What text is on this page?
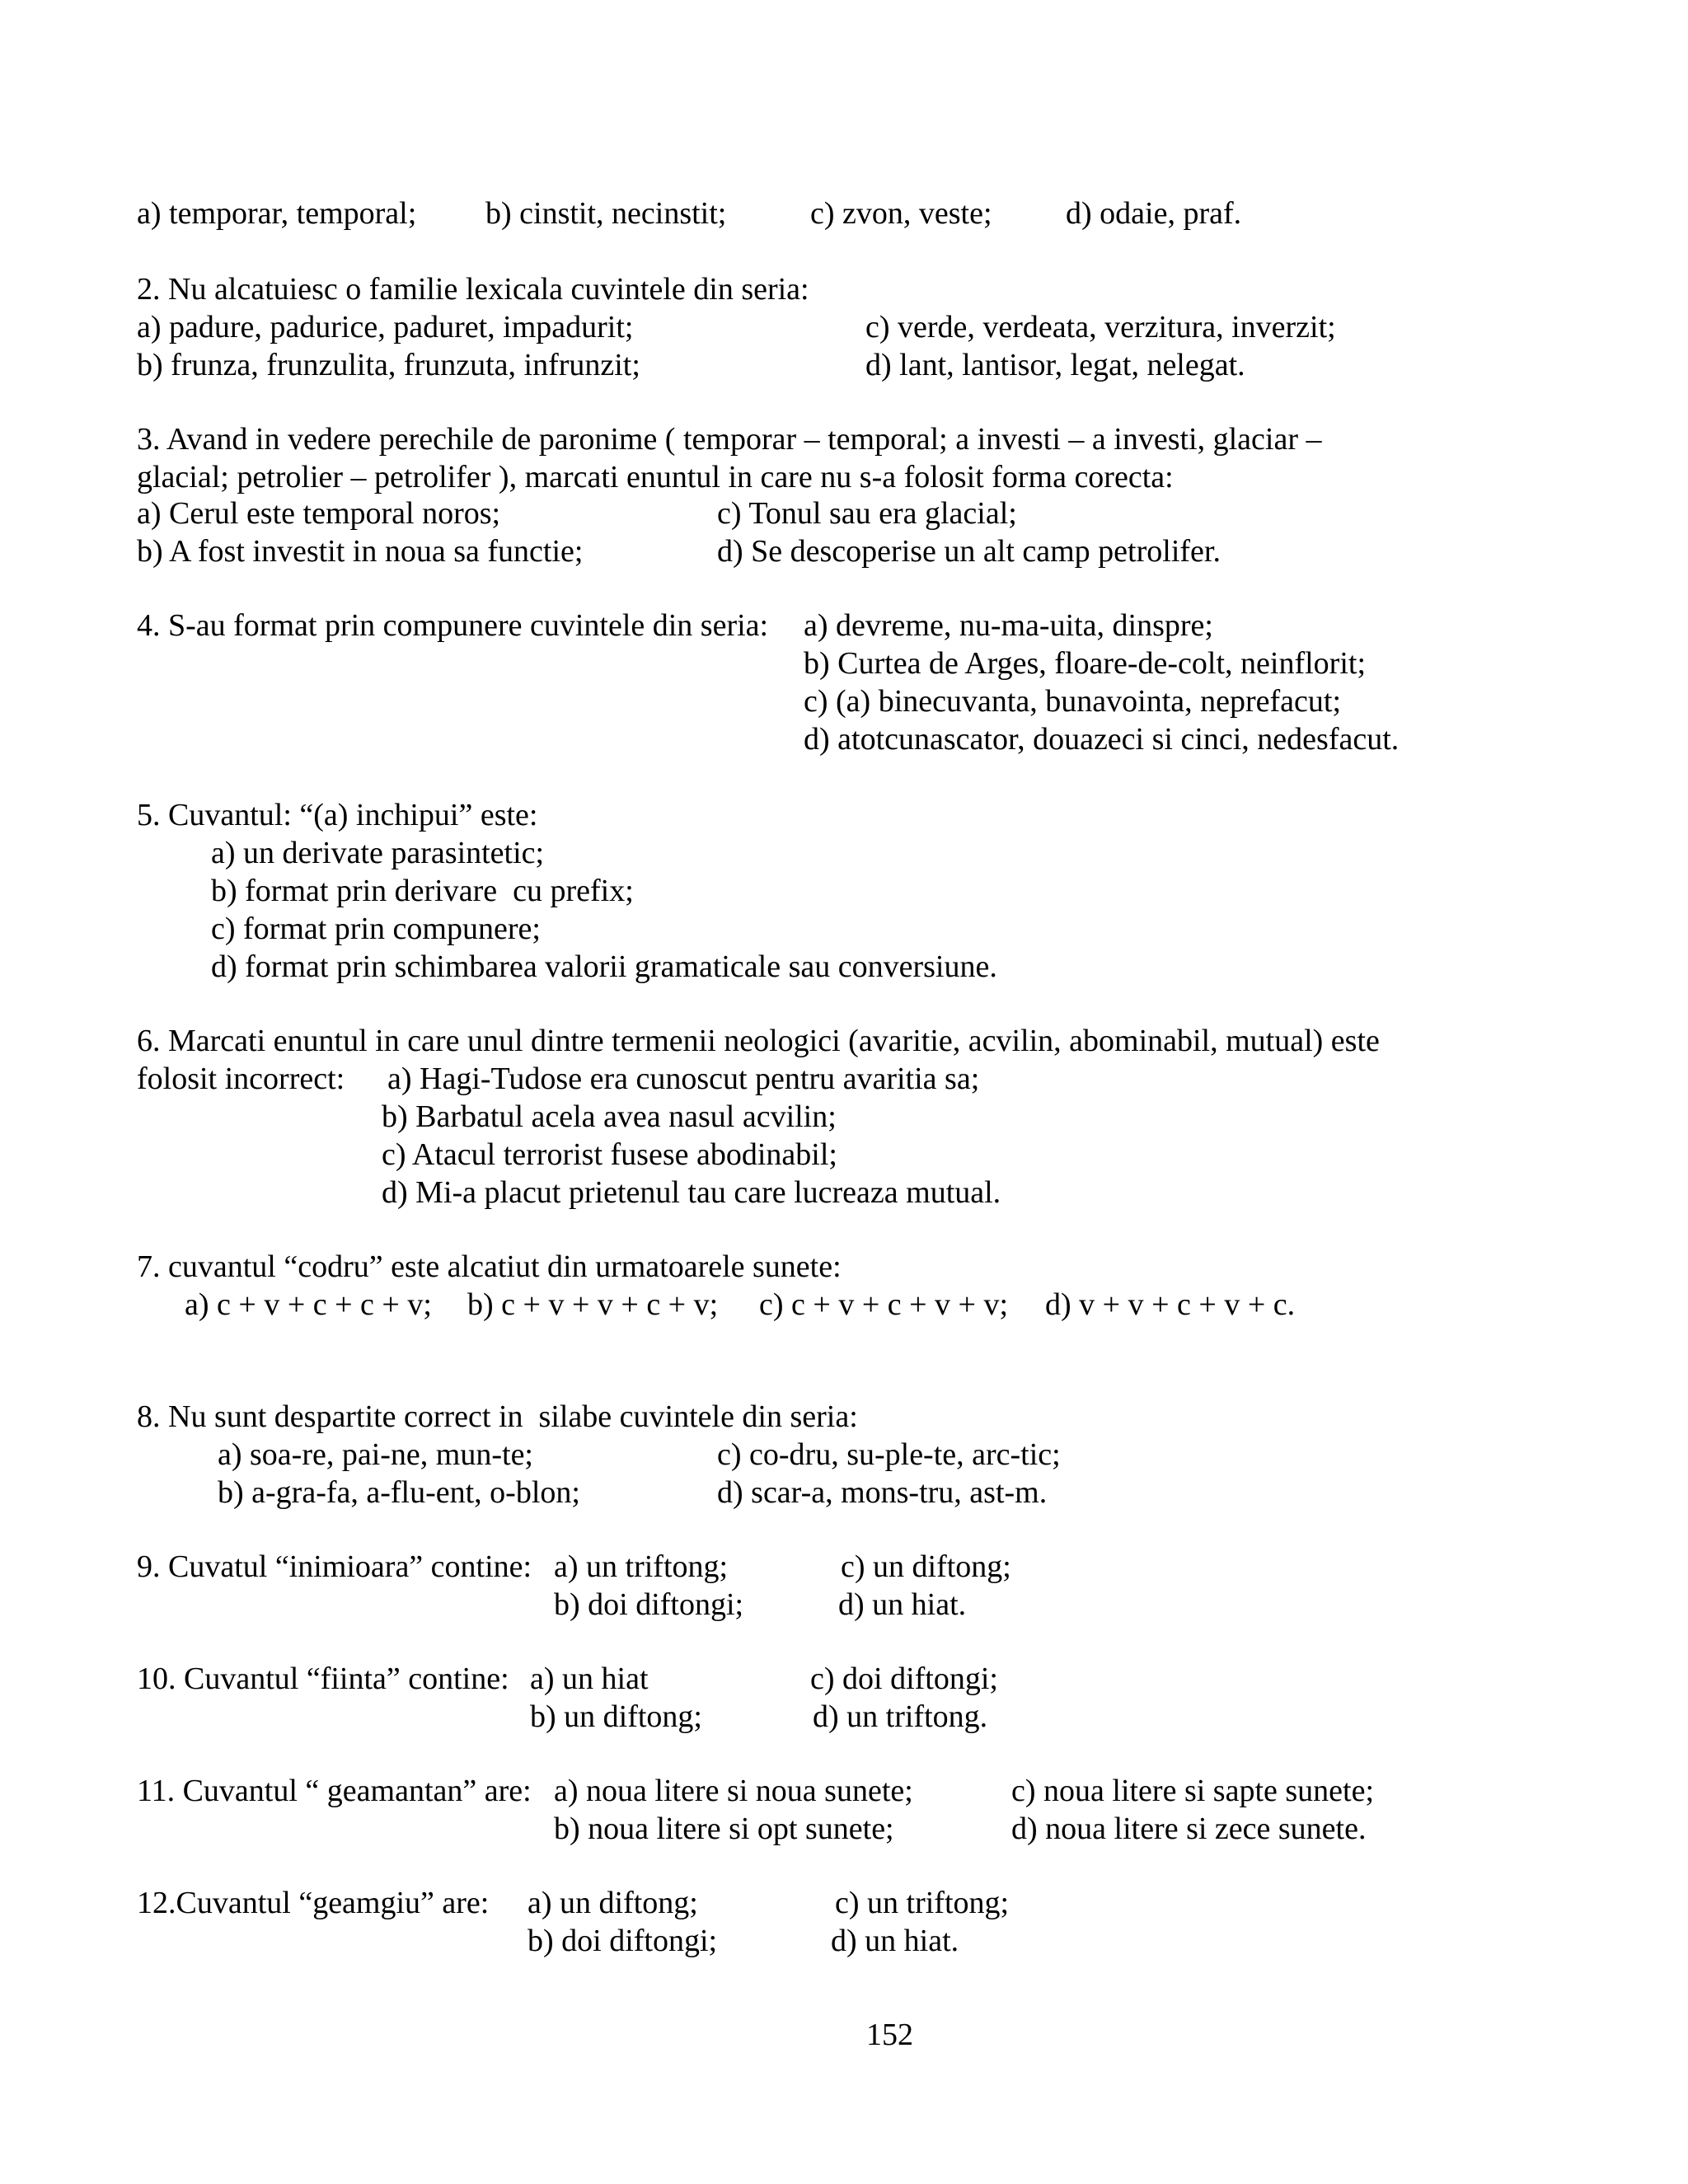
a) temporar, temporal; b) cinstit, necinstit;	c) zvon, veste; d) odaie, praf.
2. Nu alcatuiesc o familie lexicala cuvintele din seria:
a) padure, padurice, paduret, impadurit;	c) verde, verdeata, verzitura, inverzit;
b) frunza, frunzulita, frunzuta, infrunzit;	d) lant, lantisor, legat, nelegat.
3. Avand in vedere perechile de paronime ( temporar – temporal; a investi – a investi, glaciar –
glacial; petrolier – petrolifer ), marcati enuntul in care nu s-a folosit forma corecta:
a) Cerul este temporal noros;	c) Tonul sau era glacial;
b) A fost investit in noua sa functie;	d) Se descoperise un alt camp petrolifer.
4. S-au format prin compunere cuvintele din seria: a) devreme, nu-ma-uita, dinspre;
b) Curtea de Arges, floare-de-colt, neinflorit;
c) (a) binecuvanta, bunavointa, neprefacut;
d) atotcunascator, douazeci si cinci, nedesfacut.
5. Cuvantul: “(a) inchipui” este:
a) un derivate parasintetic;
b) format prin derivare  cu prefix;
c) format prin compunere;
d) format prin schimbarea valorii gramaticale sau conversiune.
6. Marcati enuntul in care unul dintre termenii neologici (avaritie, acvilin, abominabil, mutual) este
folosit incorrect: a) Hagi-Tudose era cunoscut pentru avaritia sa;
b) Barbatul acela avea nasul acvilin;
c) Atacul terrorist fusese abodinabil;
d) Mi-a placut prietenul tau care lucreaza mutual.
7. cuvantul “codru” este alcatiut din urmatoarele sunete:
a) c + v + c + c + v; b) c + v + v + c + v; c) c + v + c + v + v; d) v + v + c + v + c.
8. Nu sunt despartite correct in  silabe cuvintele din seria:
a) soa-re, pai-ne, mun-te;	c) co-dru, su-ple-te, arc-tic;
b) a-gra-fa, a-flu-ent, o-blon;	d) scar-a, mons-tru, ast-m.
9. Cuvatul “inimioara” contine: a) un triftong;	c) un diftong;
b) doi diftongi;	d) un hiat.
10. Cuvantul “fiinta” contine: a) un hiat	c) doi diftongi;
b) un diftong;	d) un triftong.
11. Cuvantul “ geamantan” are: a) noua litere si noua sunete;	c) noua litere si sapte sunete;
b) noua litere si opt sunete;	d) noua litere si zece sunete.
12.Cuvantul “geamgiu” are: a) un diftong;	c) un triftong;
b) doi diftongi;	d) un hiat.
152
